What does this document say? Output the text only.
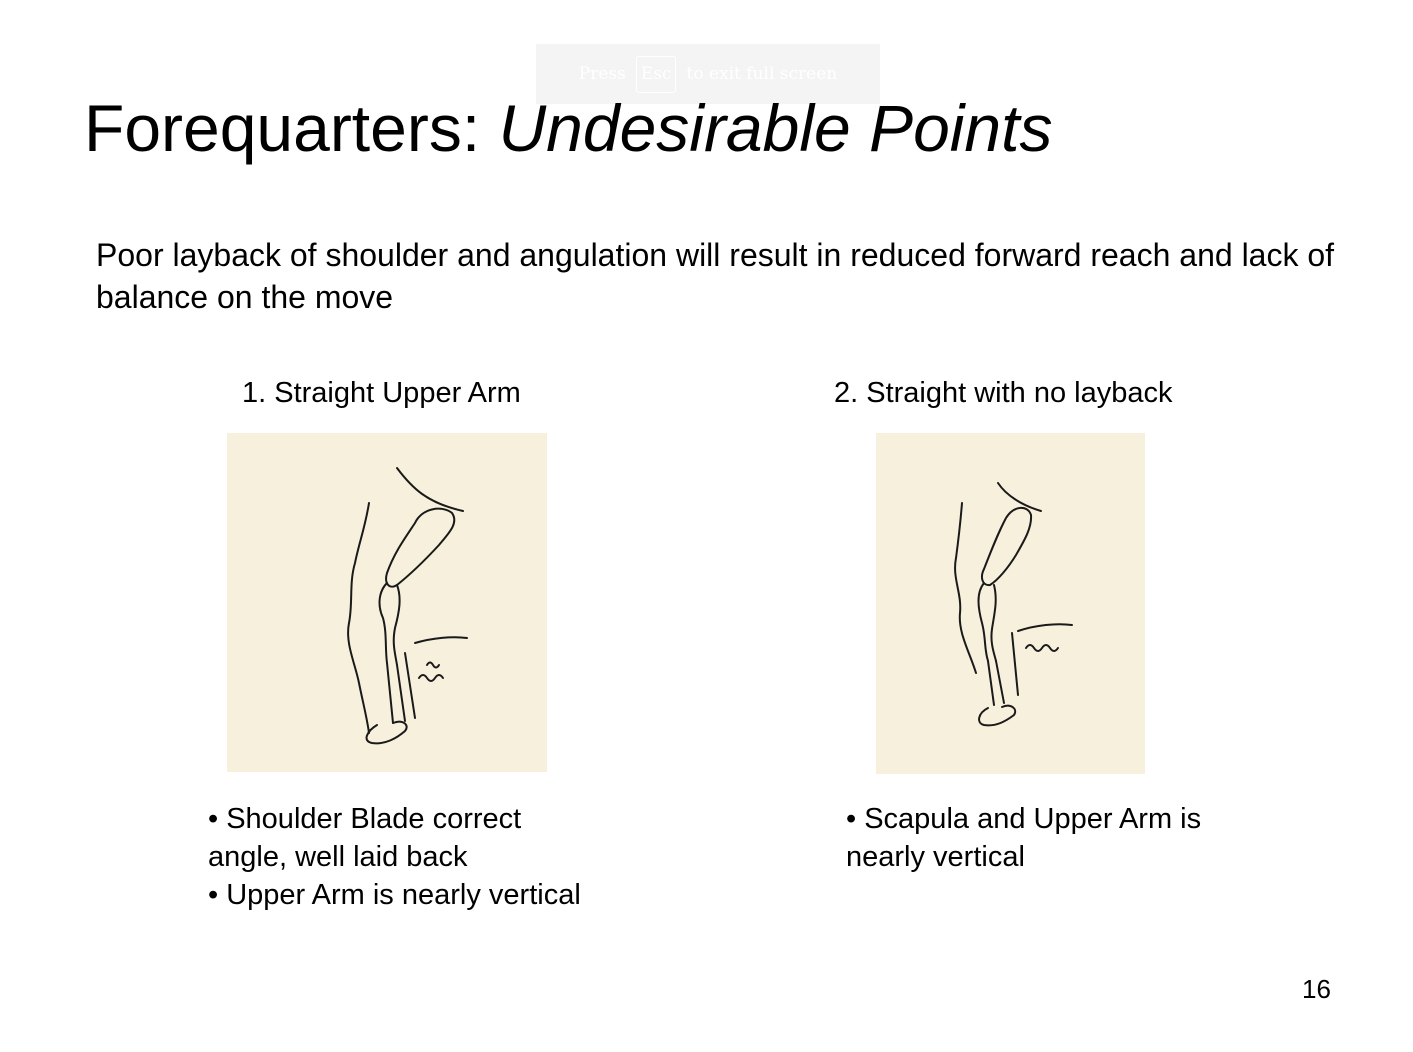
Press Esc to exit full screen
Forequarters: Undesirable Points
Poor layback of shoulder and angulation will result in reduced forward reach and lack of balance on the move
1. Straight Upper Arm	2. Straight with no layback

• Shoulder Blade correct angle, well laid back

• Upper Arm is nearly vertical

• Scapula and Upper Arm is nearly vertical

16
